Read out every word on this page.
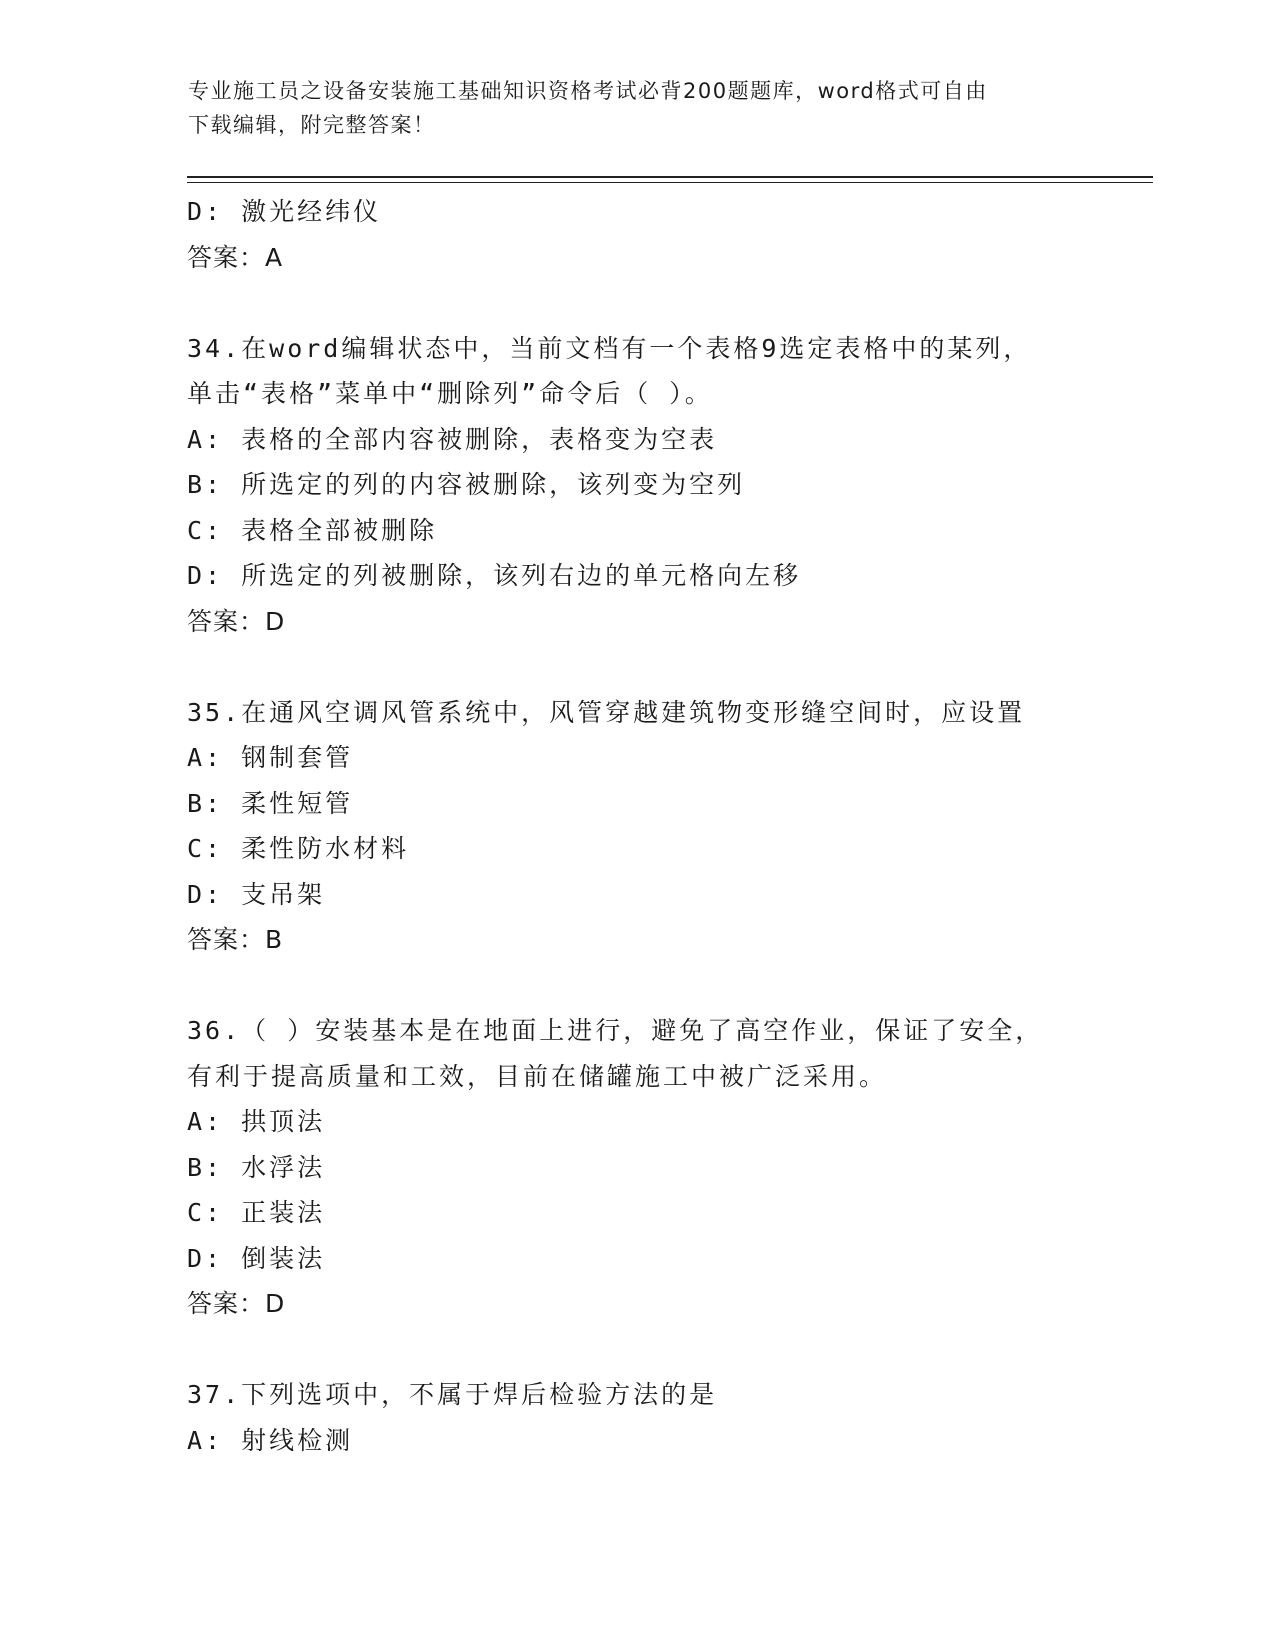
专业施工员之设备安装施工基础知识资格考试必背200题题库，word格式可自由
下载编辑，附完整答案！
D: 激光经纬仪
答案：A
34.在word编辑状态中，当前文档有一个表格9选定表格中的某列，
单击“表格”菜单中“删除列”命令后（ ）。
A: 表格的全部内容被删除，表格变为空表
B: 所选定的列的内容被删除，该列变为空列
C: 表格全部被删除
D: 所选定的列被删除，该列右边的单元格向左移
答案：D
35.在通风空调风管系统中，风管穿越建筑物变形缝空间时，应设置
A: 钢制套管
B: 柔性短管
C: 柔性防水材料
D: 支吊架
答案：B
36.（ ）安装基本是在地面上进行，避免了高空作业，保证了安全，
有利于提高质量和工效，目前在储罐施工中被广泛采用。
A: 拱顶法
B: 水浮法
C: 正装法
D: 倒装法
答案：D
37.下列选项中，不属于焊后检验方法的是
A: 射线检测
